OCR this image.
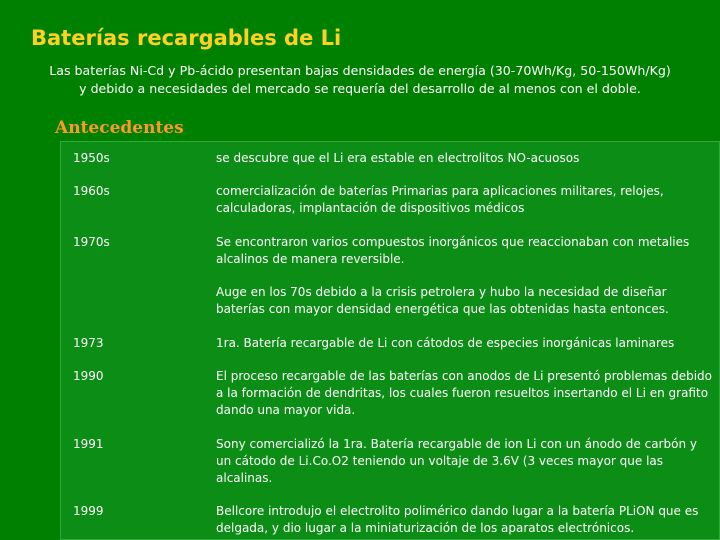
Baterías recargables de Li
Las baterías Ni-Cd y Pb-ácido presentan bajas densidades de energía (30-70Wh/Kg, 50-150Wh/Kg)
y debido a necesidades del mercado se requería del desarrollo de al menos con el doble.
Antecedentes
1950s	se descubre que el Li era estable en electrolitos NO-acuosos
1960s	comercialización de baterías Primarias para aplicaciones militares, relojes, calculadoras, implantación de dispositivos médicos
1970s	Se encontraron varios compuestos inorgánicos que reaccionaban con metalies alcalinos de manera reversible.
Auge en los 70s debido a la crisis petrolera y hubo la necesidad de diseñar baterías con mayor densidad energética que las obtenidas hasta entonces.
1973	1ra. Batería recargable de Li con cátodos de especies inorgánicas laminares
1990	El proceso recargable de las baterías con anodos de Li presentó problemas debido a la formación de dendritas, los cuales fueron resueltos insertando el Li en grafito dando una mayor vida.
1991	Sony comercializó la 1ra. Batería recargable de ion Li con un ánodo de carbón y un cátodo de Li.Co.O2 teniendo un voltaje de 3.6V (3 veces mayor que las alcalinas.
1999	Bellcore introdujo el electrolito polimérico dando lugar a la batería PLiON que es delgada, y dio lugar a la miniaturización de los aparatos electrónicos.
